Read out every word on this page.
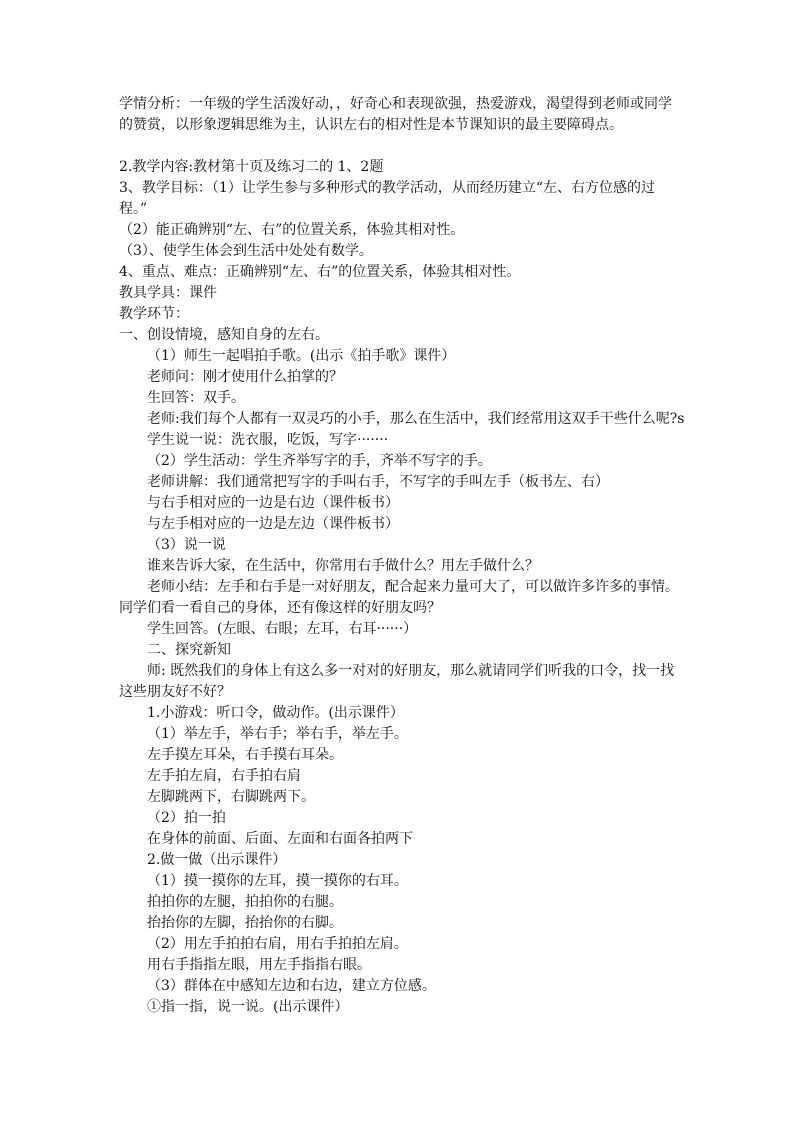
学情分析：一年级的学生活泼好动，，好奇心和表现欲强，热爱游戏，渴望得到老师或同学的赞赏，以形象逻辑思维为主，认识左右的相对性是本节课知识的最主要障碍点。
2.教学内容:教材第十页及练习二的 1、2题
3、教学目标：（1）让学生参与多种形式的教学活动，从而经历建立“左、右方位感的过程。”
（2）能正确辨别“左、右”的位置关系，体验其相对性。
（3）、使学生体会到生活中处处有数学。
4、重点、难点：正确辨别“左、右”的位置关系，体验其相对性。
教具学具：课件
教学环节：
一、创设情境，感知自身的左右。
（1）师生一起唱拍手歌。(出示《拍手歌》课件）
老师问：刚才使用什么拍掌的？
生回答：双手。
老师:我们每个人都有一双灵巧的小手，那么在生活中，我们经常用这双手干些什么呢?s
学生说一说：洗衣服，吃饭，写字·······
（2）学生活动：学生齐举写字的手，齐举不写字的手。
老师讲解：我们通常把写字的手叫右手，不写字的手叫左手（板书左、右）
与右手相对应的一边是右边（课件板书）
与左手相对应的一边是左边（课件板书）
（3）说一说
谁来告诉大家，在生活中，你常用右手做什么？用左手做什么？
老师小结：左手和右手是一对好朋友，配合起来力量可大了，可以做许多许多的事情。同学们看一看自己的身体，还有像这样的好朋友吗？
学生回答。(左眼、右眼；左耳，右耳······）
二、探究新知
师: 既然我们的身体上有这么多一对对的好朋友，那么就请同学们听我的口令，找一找这些朋友好不好？
1.小游戏：听口令，做动作。(出示课件）
（1）举左手，举右手；举右手，举左手。
左手摸左耳朵，右手摸右耳朵。
左手拍左肩，右手拍右肩
左脚跳两下，右脚跳两下。
（2）拍一拍
在身体的前面、后面、左面和右面各拍两下
2.做一做（出示课件）
（1）摸一摸你的左耳，摸一摸你的右耳。
拍拍你的左腿，拍拍你的右腿。
抬抬你的左脚，抬抬你的右脚。
（2）用左手拍拍右肩，用右手拍拍左肩。
用右手指指左眼，用左手指指右眼。
（3）群体在中感知左边和右边，建立方位感。
①指一指，说一说。(出示课件）
